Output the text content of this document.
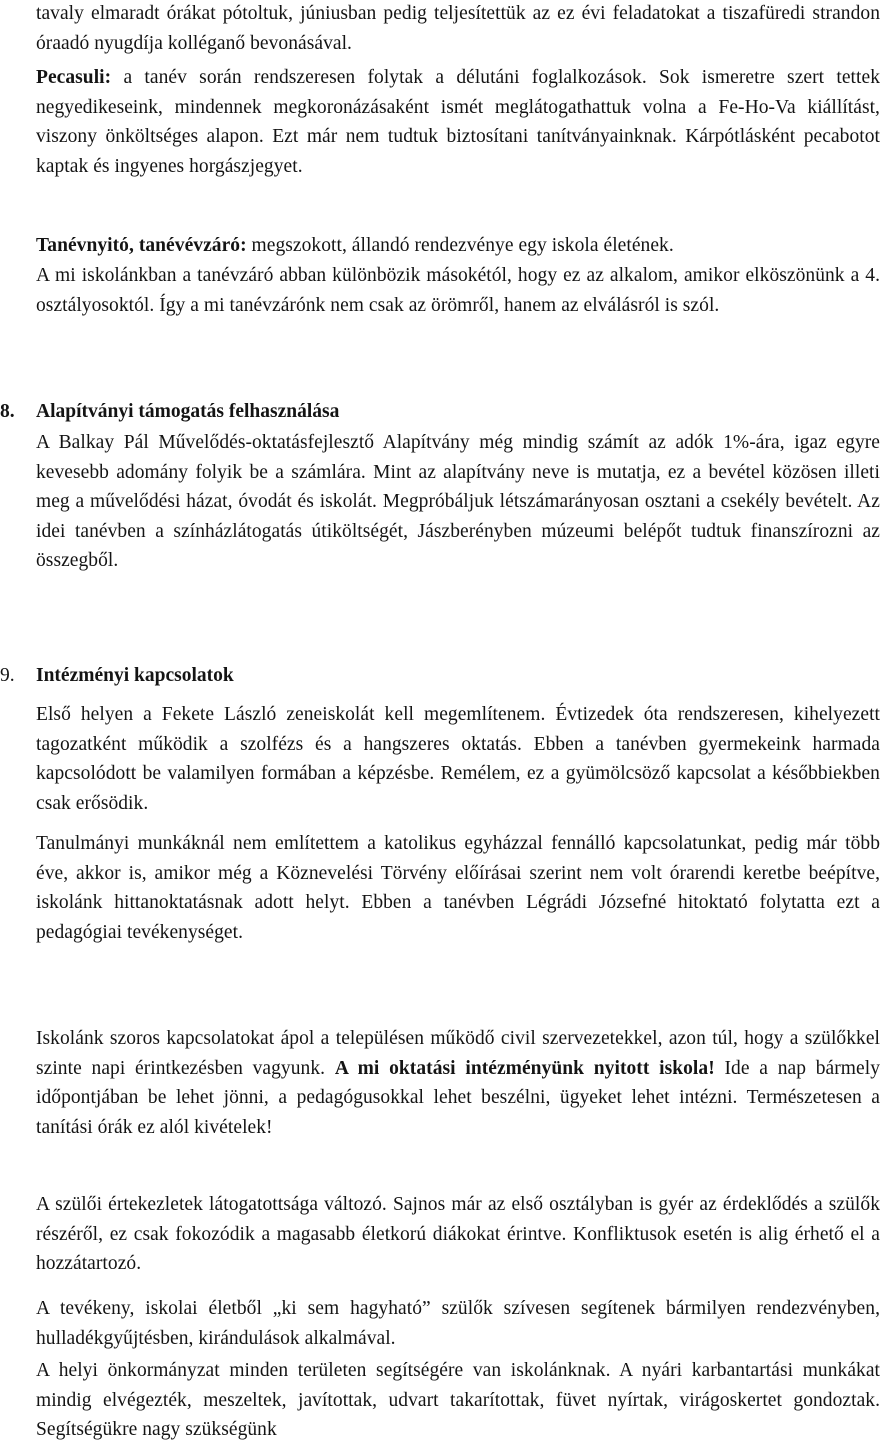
tavaly elmaradt órákat pótoltuk, júniusban pedig teljesítettük az ez évi feladatokat a tiszafüredi strandon óraadó nyugdíja kolléganő bevonásával.

Pecasuli: a tanév során rendszeresen folytak a délutáni foglalkozások. Sok ismeretre szert tettek negyedikeseink, mindennek megkoronázásaként ismét meglátogathattuk volna a Fe-Ho-Va kiállítást, viszony önköltséges alapon. Ezt már nem tudtuk biztosítani tanítványainknak. Kárpótlásként pecabotot kaptak és ingyenes horgászjegyet.

Tanévnyitó, tanévévzáró: megszokott, állandó rendezvénye egy iskola életének.

A mi iskolánkban a tanévzáró abban különbözik másokétól, hogy ez az alkalom, amikor elköszönünk a 4. osztályosoktól. Így a mi tanévzárónk nem csak az örömről, hanem az elválásról is szól.

8. Alapítványi támogatás felhasználása

A Balkay Pál Művelődés-oktatásfejlesztő Alapítvány még mindig számít az adók 1%-ára, igaz egyre kevesebb adomány folyik be a számlára. Mint az alapítvány neve is mutatja, ez a bevétel közösen illeti meg a művelődési házat, óvodát és iskolát. Megpróbáljuk létszámarányosan osztani a csekély bevételt. Az idei tanévben a színházlátogatás útiköltségét, Jászberényben múzeumi belépőt tudtuk finanszírozni az összegből.

9. Intézményi kapcsolatok

Első helyen a Fekete László zeneiskolát kell megemlítenem. Évtizedek óta rendszeresen, kihelyezett tagozatként működik a szolfézs és a hangszeres oktatás. Ebben a tanévben gyermekeink harmada kapcsolódott be valamilyen formában a képzésbe. Remélem, ez a gyümölcsöző kapcsolat a későbbiekben csak erősödik.

Tanulmányi munkáknál nem említettem a katolikus egyházzal fennálló kapcsolatunkat, pedig már több éve, akkor is, amikor még a Köznevelési Törvény előírásai szerint nem volt órarendi keretbe beépítve, iskolánk hittanoktatásnak adott helyt. Ebben a tanévben Légrádi Józsefné hitoktató folytatta ezt a pedagógiai tevékenységet.

Iskolánk szoros kapcsolatokat ápol a településen működő civil szervezetekkel, azon túl, hogy a szülőkkel szinte napi érintkezésben vagyunk. A mi oktatási intézményünk nyitott iskola! Ide a nap bármely időpontjában be lehet jönni, a pedagógusokkal lehet beszélni, ügyeket lehet intézni. Természetesen a tanítási órák ez alól kivételek!

A szülői értekezletek látogatottsága változó. Sajnos már az első osztályban is gyér az érdeklődés a szülők részéről, ez csak fokozódik a magasabb életkorú diákokat érintve. Konfliktusok esetén is alig érhető el a hozzátartozó.

A tevékeny, iskolai életből „ki sem hagyható” szülők szívesen segítenek bármilyen rendezvényben, hulladékgyűjtésben, kirándulások alkalmával.

A helyi önkormányzat minden területen segítségére van iskolánknak. A nyári karbantartási munkákat mindig elvégezték, meszeltek, javítottak, udvart takarítottak, füvet nyírtak, virágoskertet gondoztak. Segítségükre nagy szükségünk
